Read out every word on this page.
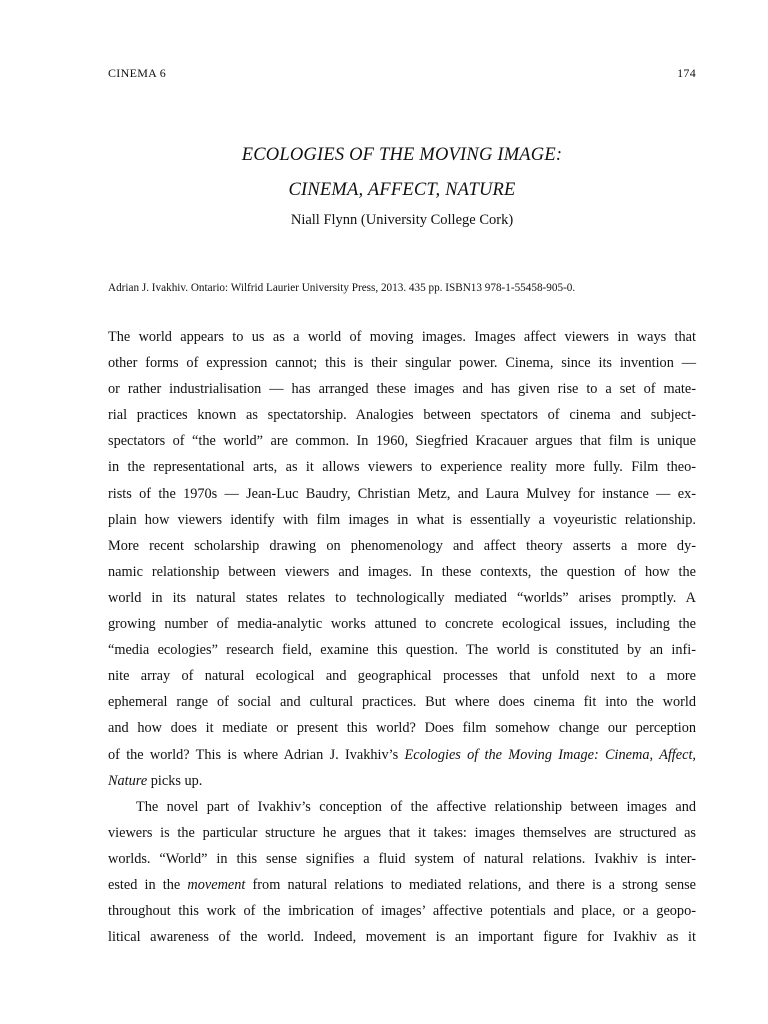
CINEMA 6	174
ECOLOGIES OF THE MOVING IMAGE:
CINEMA, AFFECT, NATURE
Niall Flynn (University College Cork)
Adrian J. Ivakhiv. Ontario: Wilfrid Laurier University Press, 2013. 435 pp. ISBN13 978-1-55458-905-0.
The world appears to us as a world of moving images. Images affect viewers in ways that
other forms of expression cannot; this is their singular power. Cinema, since its invention —
or rather industrialisation — has arranged these images and has given rise to a set of mate-
rial practices known as spectatorship. Analogies between spectators of cinema and subject-
spectators of “the world” are common. In 1960, Siegfried Kracauer argues that film is unique
in the representational arts, as it allows viewers to experience reality more fully. Film theo-
rists of the 1970s — Jean-Luc Baudry, Christian Metz, and Laura Mulvey for instance — ex-
plain how viewers identify with film images in what is essentially a voyeuristic relationship.
More recent scholarship drawing on phenomenology and affect theory asserts a more dy-
namic relationship between viewers and images. In these contexts, the question of how the
world in its natural states relates to technologically mediated “worlds” arises promptly. A
growing number of media-analytic works attuned to concrete ecological issues, including the
“media ecologies” research field, examine this question. The world is constituted by an infi-
nite array of natural ecological and geographical processes that unfold next to a more
ephemeral range of social and cultural practices. But where does cinema fit into the world
and how does it mediate or present this world? Does film somehow change our perception
of the world? This is where Adrian J. Ivakhiv’s Ecologies of the Moving Image: Cinema, Affect,
Nature picks up.
The novel part of Ivakhiv’s conception of the affective relationship between images and
viewers is the particular structure he argues that it takes: images themselves are structured as
worlds. “World” in this sense signifies a fluid system of natural relations. Ivakhiv is inter-
ested in the movement from natural relations to mediated relations, and there is a strong sense
throughout this work of the imbrication of images’ affective potentials and place, or a geopo-
litical awareness of the world. Indeed, movement is an important figure for Ivakhiv as it
